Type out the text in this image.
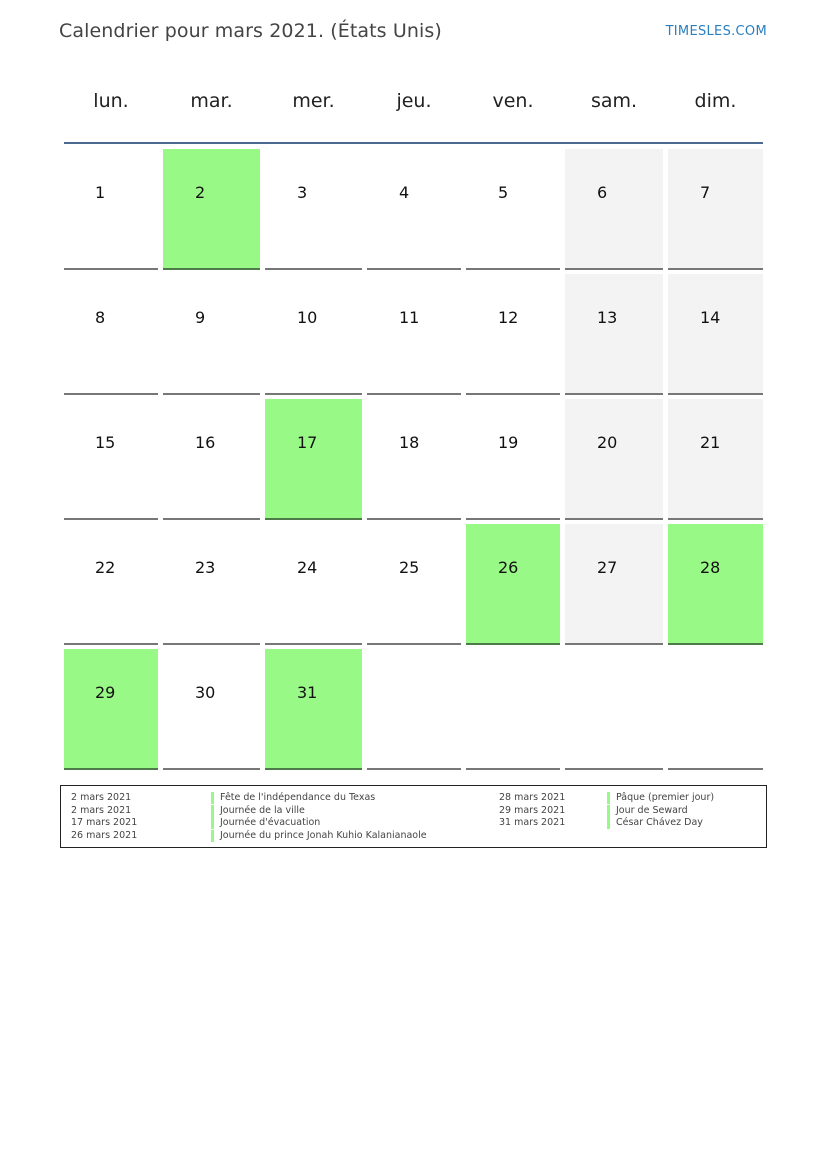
Calendrier pour mars 2021. (États Unis)	TIMESLES.COM
lun.	mar.	mer.	jeu.	ven.	sam.	dim.
1	2	3	4	5	6	7
8	9	10	11	12	13	14
15	16	17	18	19	20	21
22	23	24	25	26	27	28
29	30	31
2 mars 2021	Fête de l'indépendance du Texas
2 mars 2021	Journée de la ville
17 mars 2021	Journée d'évacuation
26 mars 2021	Journée du prince Jonah Kuhio Kalanianaole
28 mars 2021	Pâque (premier jour)
29 mars 2021	Jour de Seward
31 mars 2021	César Chávez Day
